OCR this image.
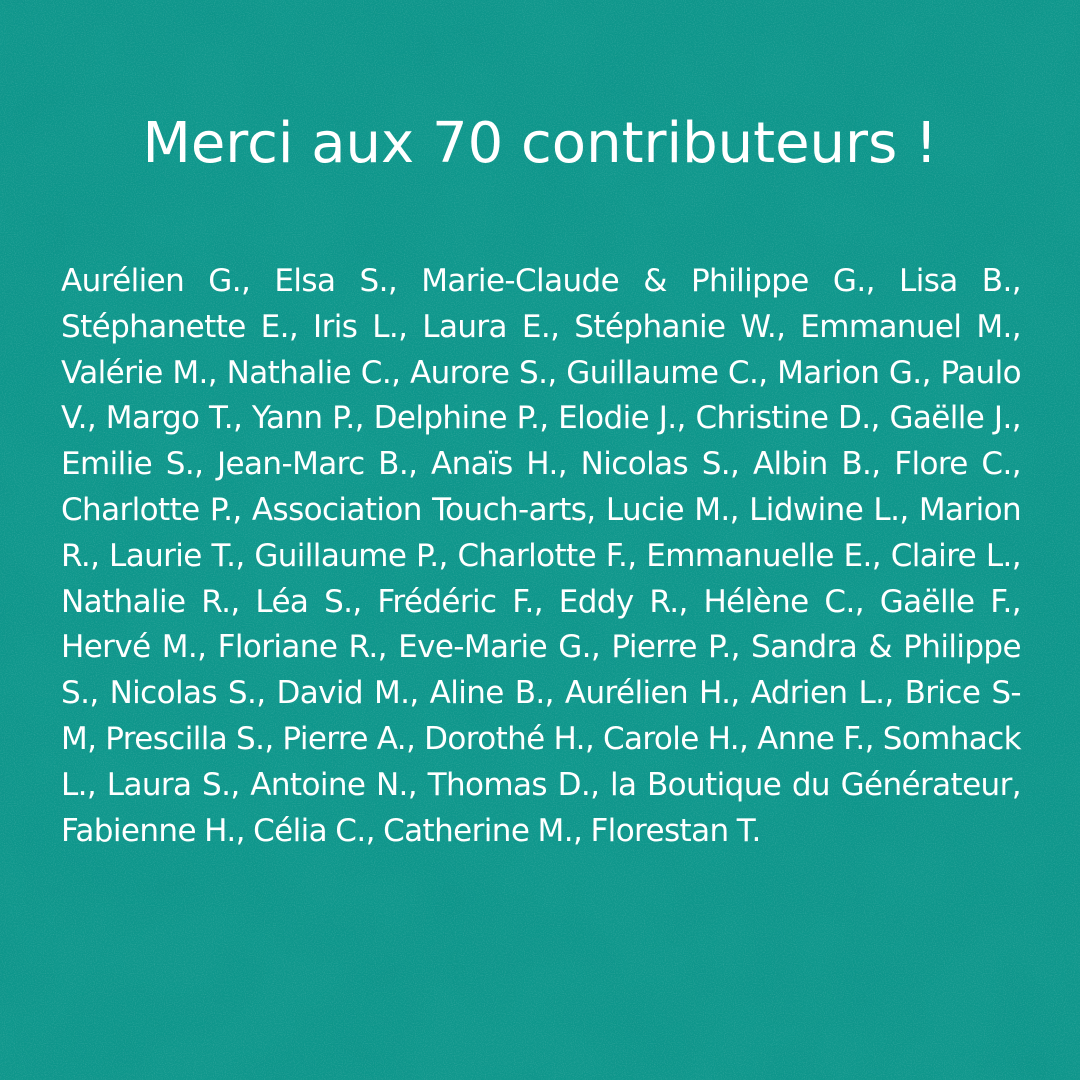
Merci aux 70 contributeurs !

Aurélien G., Elsa S., Marie-Claude & Philippe G., Lisa B., Stéphanette E., Iris L., Laura E., Stéphanie W., Emmanuel M., Valérie M., Nathalie C., Aurore S., Guillaume C., Marion G., Paulo V., Margo T., Yann P., Delphine P., Elodie J., Christine D., Gaëlle J., Emilie S., Jean-Marc B., Anaïs H., Nicolas S., Albin B., Flore C., Charlotte P., Association Touch-arts, Lucie M., Lidwine L., Marion R., Laurie T., Guillaume P., Charlotte F., Emmanuelle E., Claire L., Nathalie R., Léa S., Frédéric F., Eddy R., Hélène C., Gaëlle F., Hervé M., Floriane R., Eve-Marie G., Pierre P., Sandra & Philippe S., Nicolas S., David M., Aline B., Aurélien H., Adrien L., Brice S-M, Prescilla S., Pierre A., Dorothé H., Carole H., Anne F., Somhack L., Laura S., Antoine N., Thomas D., la Boutique du Générateur, Fabienne H., Célia C., Catherine M., Florestan T.
